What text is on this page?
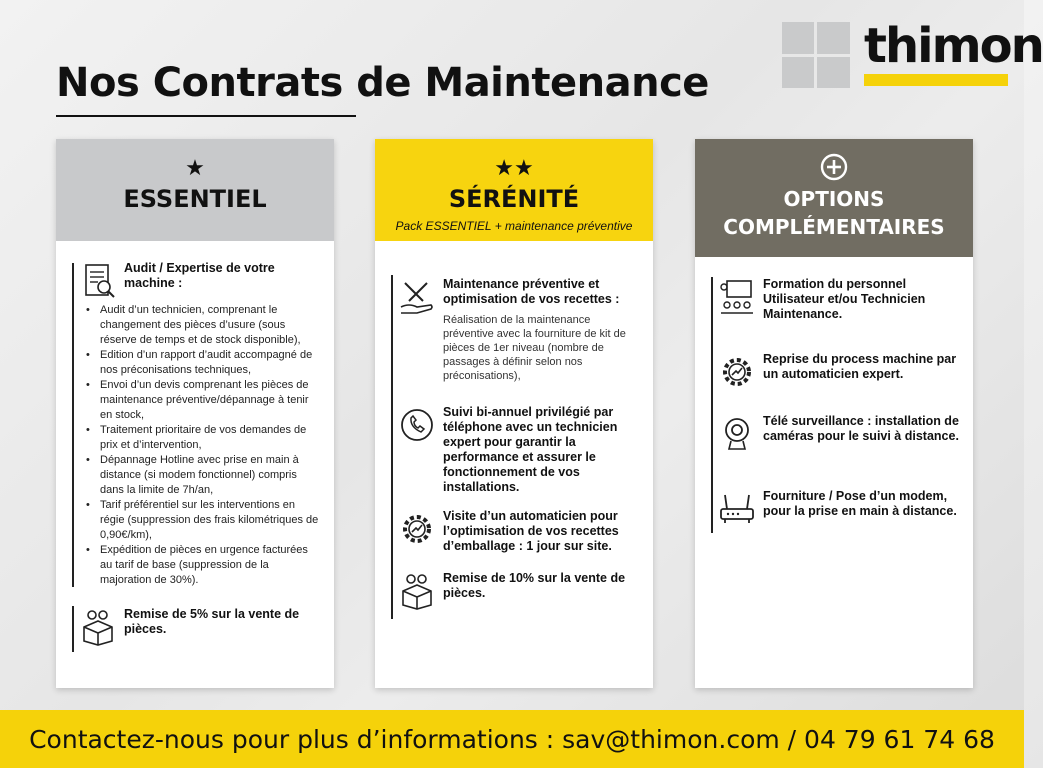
Nos Contrats de Maintenance
thimon
★
ESSENTIEL
Audit / Expertise de votre machine :
• Audit d’un technicien, comprenant le changement des pièces d’usure (sous réserve de temps et de stock disponible),
• Edition d’un rapport d’audit accompagné de nos préconisations techniques,
• Envoi d’un devis comprenant les pièces de maintenance préventive/dépannage à tenir en stock,
• Traitement prioritaire de vos demandes de prix et d’intervention,
• Dépannage Hotline avec prise en main à distance (si modem fonctionnel) compris dans la limite de 7h/an,
• Tarif préférentiel sur les interventions en régie (suppression des frais kilométriques de 0,90€/km),
• Expédition de pièces en urgence facturées au tarif de base (suppression de la majoration de 30%).
Remise de 5% sur la vente de pièces.
★★
SÉRÉNITÉ
Pack ESSENTIEL + maintenance préventive
Maintenance préventive et optimisation de vos recettes :
Réalisation de la maintenance préventive avec la fourniture de kit de pièces de 1er niveau (nombre de passages à définir selon nos préconisations),
Suivi bi-annuel privilégié par téléphone avec un technicien expert pour garantir la performance et assurer le fonctionnement de vos installations.
Visite d’un automaticien pour l’optimisation de vos recettes d’emballage : 1 jour sur site.
Remise de 10% sur la vente de pièces.
OPTIONS COMPLÉMENTAIRES
Formation du personnel Utilisateur et/ou Technicien Maintenance.
Reprise du process machine par un automaticien expert.
Télé surveillance : installation de caméras pour le suivi à distance.
Fourniture / Pose d’un modem, pour la prise en main à distance.
Contactez-nous pour plus d’informations : sav@thimon.com / 04 79 61 74 68
